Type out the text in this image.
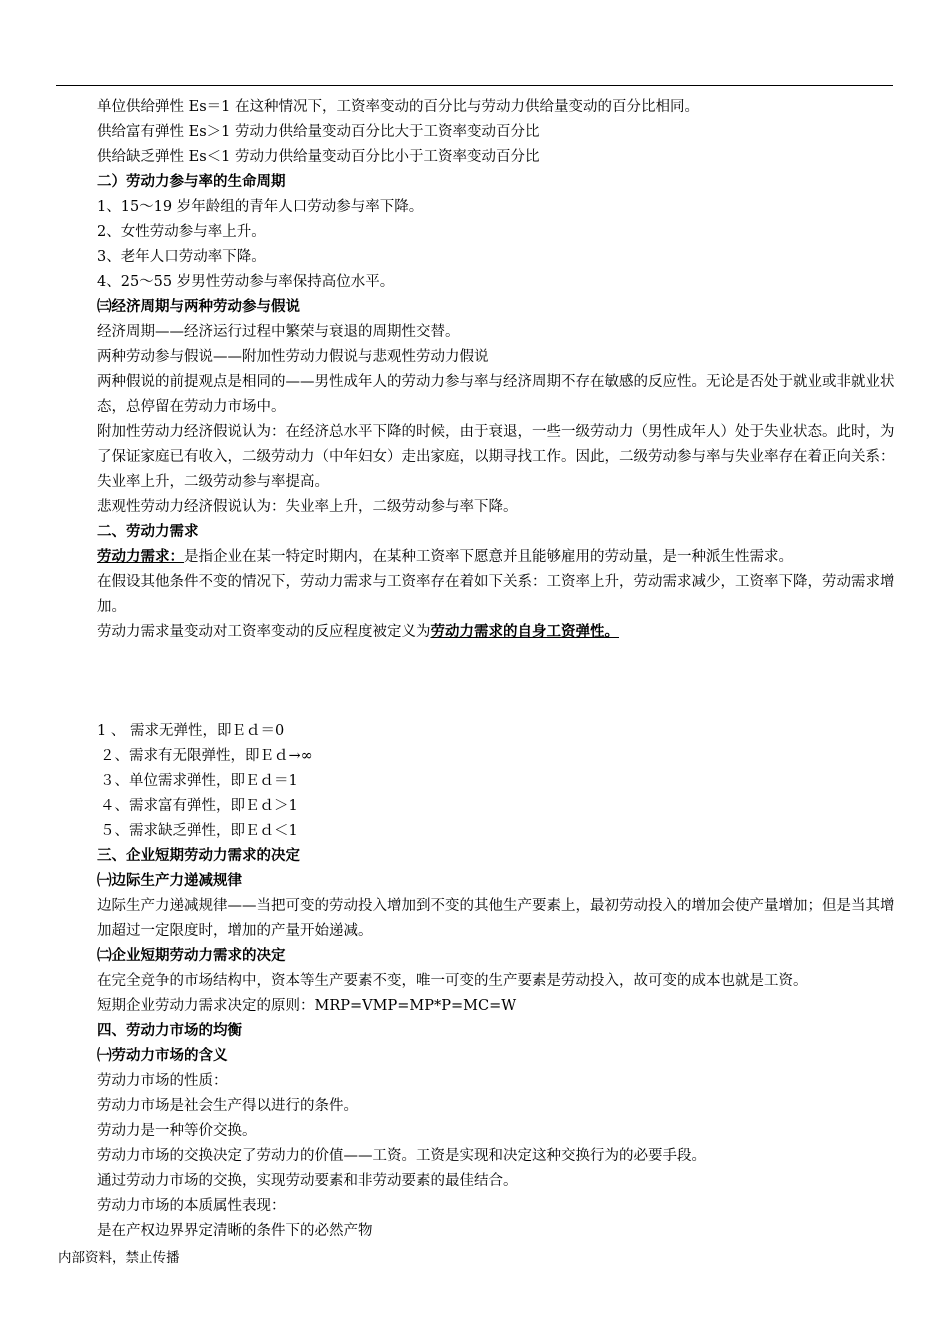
单位供给弹性 Es＝1 在这种情况下，工资率变动的百分比与劳动力供给量变动的百分比相同。

供给富有弹性 Es＞1 劳动力供给量变动百分比大于工资率变动百分比

供给缺乏弹性 Es＜1 劳动力供给量变动百分比小于工资率变动百分比

二）劳动力参与率的生命周期

1、15～19 岁年龄组的青年人口劳动参与率下降。

2、女性劳动参与率上升。

3、老年人口劳动率下降。

4、25～55 岁男性劳动参与率保持高位水平。

㈢经济周期与两种劳动参与假说

经济周期——经济运行过程中繁荣与衰退的周期性交替。

两种劳动参与假说——附加性劳动力假说与悲观性劳动力假说

两种假说的前提观点是相同的——男性成年人的劳动力参与率与经济周期不存在敏感的反应性。无论是否处于就业或非就业状态，总停留在劳动力市场中。

附加性劳动力经济假说认为：在经济总水平下降的时候，由于衰退，一些一级劳动力（男性成年人）处于失业状态。此时，为了保证家庭已有收入，二级劳动力（中年妇女）走出家庭，以期寻找工作。因此，二级劳动参与率与失业率存在着正向关系：失业率上升，二级劳动参与率提高。

悲观性劳动力经济假说认为：失业率上升，二级劳动参与率下降。

二、劳动力需求

劳动力需求：是指企业在某一特定时期内，在某种工资率下愿意并且能够雇用的劳动量，是一种派生性需求。

在假设其他条件不变的情况下，劳动力需求与工资率存在着如下关系：工资率上升，劳动需求减少，工资率下降，劳动需求增加。

劳动力需求量变动对工资率变动的反应程度被定义为劳动力需求的自身工资弹性。

1 、 需求无弹性，即Ｅｄ＝0

２、需求有无限弹性，即Ｅｄ→∞

３、单位需求弹性，即Ｅｄ＝1

４、需求富有弹性，即Ｅｄ＞1

５、需求缺乏弹性，即Ｅｄ＜1

三、企业短期劳动力需求的决定

㈠边际生产力递减规律

边际生产力递减规律——当把可变的劳动投入增加到不变的其他生产要素上，最初劳动投入的增加会使产量增加；但是当其增加超过一定限度时，增加的产量开始递减。

㈡企业短期劳动力需求的决定

在完全竞争的市场结构中，资本等生产要素不变，唯一可变的生产要素是劳动投入，故可变的成本也就是工资。

短期企业劳动力需求决定的原则：MRP=VMP=MP*P=MC=W

四、劳动力市场的均衡

㈠劳动力市场的含义

劳动力市场的性质：

劳动力市场是社会生产得以进行的条件。

劳动力是一种等价交换。

劳动力市场的交换决定了劳动力的价值——工资。工资是实现和决定这种交换行为的必要手段。

通过劳动力市场的交换，实现劳动要素和非劳动要素的最佳结合。

劳动力市场的本质属性表现：

是在产权边界界定清晰的条件下的必然产物

内部资料，禁止传播
